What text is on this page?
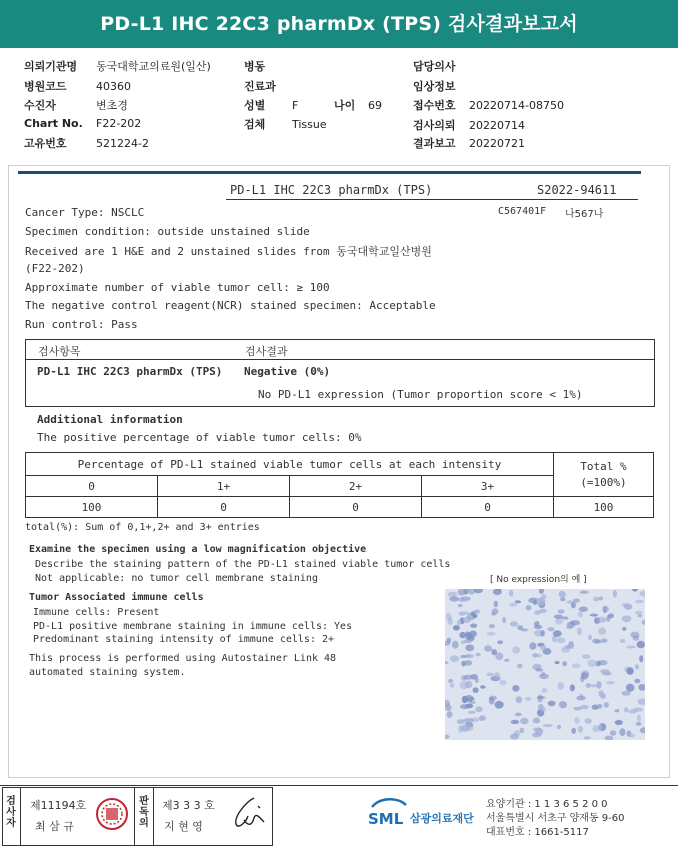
PD-L1 IHC 22C3 pharmDx (TPS) 검사결과보고서
의뢰기관명 동국대학교의료원(일산)
병원코드	40360
수진자	변초경
Chart No. F22-202
고유번호	521224-2
병동
진료과
성별 F	나이 69
검체 Tissue
담당의사
임상정보
접수번호 20220714-08750
검사의뢰 20220714
결과보고 20220721
PD-L1 IHC 22C3 pharmDx (TPS)	S2022-94611
C567401F 나567나
Cancer Type: NSCLC
Specimen condition: outside unstained slide
Received are 1 H&E and 2 unstained slides from 동국대학교일산병원
(F22-202)
Approximate number of viable tumor cell: ≥ 100
The negative control reagent(NCR) stained specimen: Acceptable
Run control: Pass
검사항목	검사결과
PD-L1 IHC 22C3 pharmDx (TPS) Negative (0%)
No PD-L1 expression (Tumor proportion score < 1%)
Additional information
The positive percentage of viable tumor cells: 0%
Percentage of PD-L1 stained viable tumor cells at each intensity				Total %
(=100%)
0	1+	2+	3+	
100	0	0	0	100
total(%): Sum of 0,1+,2+ and 3+ entries
Examine the specimen using a low magnification objective
Describe the staining pattern of the PD-L1 stained viable tumor cells
Not applicable: no tumor cell membrane staining	[ No expression의 예 ]
Tumor Associated immune cells
Immune cells: Present
PD-L1 positive membrane staining in immune cells: Yes
Predominant staining intensity of immune cells: 2+
This process is performed using Autostainer Link 48
automated staining system.
검
사
자
제11194호
최 삼 규
판
독
의
제3 3 3 호
지 현 영	SML 삼광의료재단
요양기관 : 1 1 3 6 5 2 0 0
서울특별시 서초구 양재동 9-60
대표번호 : 1661-5117
